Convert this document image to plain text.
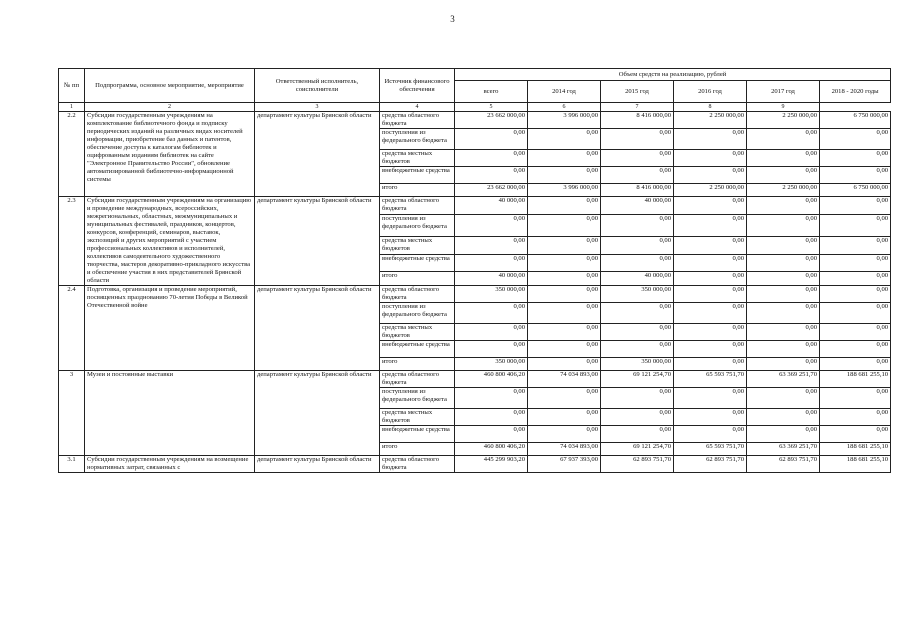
3
№ пп	Подпрограмма, основное мероприятие, мероприятие	Ответственный исполнитель, соисполнители	Источник финансового обеспечения	Объем средств на реализацию, рублей					
				всего	2014 год	2015 год	2016 год	2017 год	2018 - 2020 годы
1	2	3	4	5	6	7	8	9	
2.2	Субсидии государственным учреждениям на комплектование библиотечного фонда и подписку периодических изданий на различных видах носителей информации, приобретение баз данных и патентов, обеспечение доступа к каталогам библиотек и оцифрованным изданиям библиотек на сайте "Электронное Правительство России", обновление автоматизированной библиотечно-информационной системы	департамент культуры Брянской области	средства областного бюджета	23 662 000,00	3 996 000,00	8 416 000,00	2 250 000,00	2 250 000,00	6 750 000,00
			поступления из федерального бюджета	0,00	0,00	0,00	0,00	0,00	0,00
			средства местных бюджетов	0,00	0,00	0,00	0,00	0,00	0,00
			внебюджетные средства	0,00	0,00	0,00	0,00	0,00	0,00
			итого	23 662 000,00	3 996 000,00	8 416 000,00	2 250 000,00	2 250 000,00	6 750 000,00
2.3	Субсидии государственным учреждениям на организацию и проведение международных, всероссийских, межрегиональных, областных, межмуниципальных и муниципальных фестивалей, праздников, концертов, конкурсов, конференций, семинаров, выставок, экспозиций и других мероприятий с участием профессиональных коллективов и исполнителей, коллективов самодеятельного художественного творчества, мастеров декоративно-прикладного искусства и обеспечение участия в них представителей Брянской области	департамент культуры Брянской области	средства областного бюджета	40 000,00	0,00	40 000,00	0,00	0,00	0,00
			поступления из федерального бюджета	0,00	0,00	0,00	0,00	0,00	0,00
			средства местных бюджетов	0,00	0,00	0,00	0,00	0,00	0,00
			внебюджетные средства	0,00	0,00	0,00	0,00	0,00	0,00
			итого	40 000,00	0,00	40 000,00	0,00	0,00	0,00
2.4	Подготовка, организация и проведение мероприятий, посвященных празднованию 70-летия Победы в Великой Отечественной войне	департамент культуры Брянской области	средства областного бюджета	350 000,00	0,00	350 000,00	0,00	0,00	0,00
			поступления из федерального бюджета	0,00	0,00	0,00	0,00	0,00	0,00
			средства местных бюджетов	0,00	0,00	0,00	0,00	0,00	0,00
			внебюджетные средства	0,00	0,00	0,00	0,00	0,00	0,00
			итого	350 000,00	0,00	350 000,00	0,00	0,00	0,00
3	Музеи и постоянные выставки	департамент культуры Брянской области	средства областного бюджета	460 800 406,20	74 034 893,00	69 121 254,70	65 593 751,70	63 369 251,70	188 681 255,10
			поступления из федерального бюджета	0,00	0,00	0,00	0,00	0,00	0,00
			средства местных бюджетов	0,00	0,00	0,00	0,00	0,00	0,00
			внебюджетные средства	0,00	0,00	0,00	0,00	0,00	0,00
			итого	460 800 406,20	74 034 893,00	69 121 254,70	65 593 751,70	63 369 251,70	188 681 255,10
3.1	Субсидии государственным учреждениям на возмещение нормативных затрат, связанных с	департамент культуры Брянской области	средства областного бюджета	445 299 903,20	67 937 393,00	62 893 751,70	62 893 751,70	62 893 751,70	188 681 255,10
